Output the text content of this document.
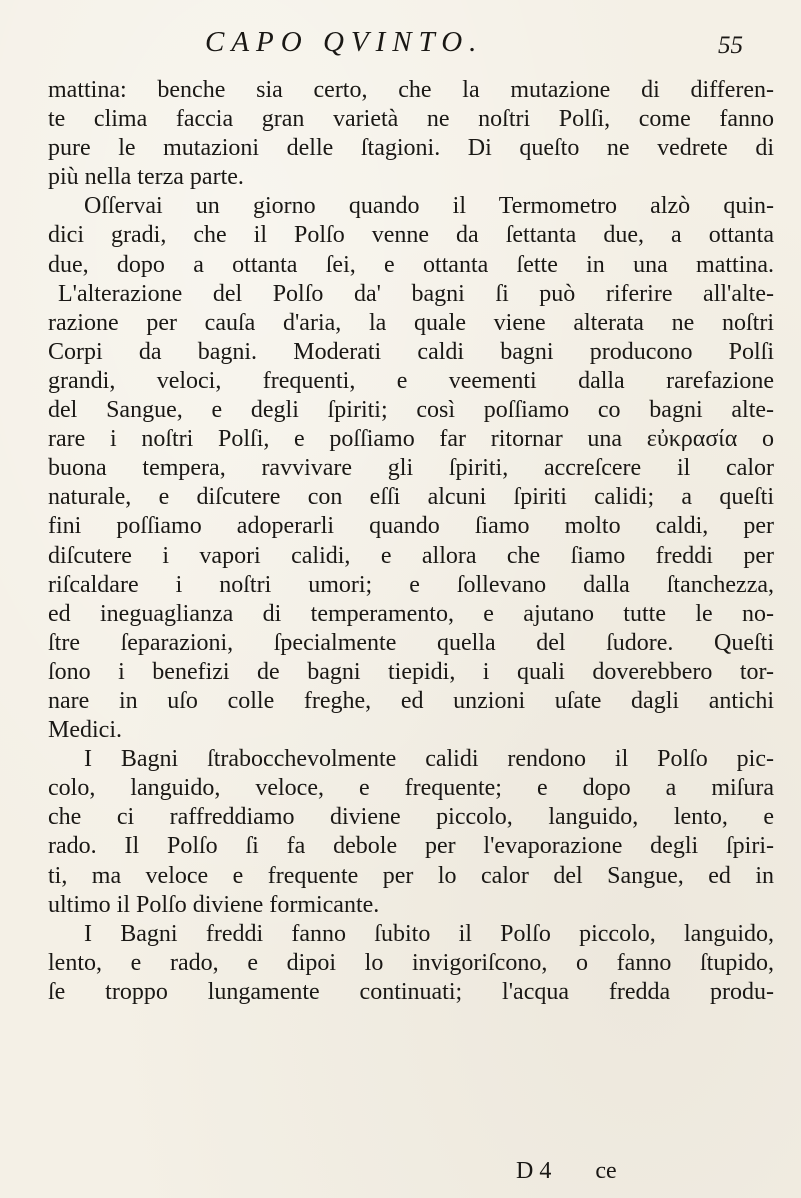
CAPO QVINTO.	55
mattina: benche sia certo, che la mutazione di differen-
te clima faccia gran varietà ne noſtri Polſi, come fanno
pure le mutazioni delle ſtagioni. Di queſto ne vedrete di
più nella terza parte.
Oſſervai un giorno quando il Termometro alzò quin-
dici gradi, che il Polſo venne da ſettanta due, a ottanta
due, dopo a ottanta ſei, e ottanta ſette in una mattina.
L'alterazione del Polſo da' bagni ſi può riferire all'alte-
razione per cauſa d'aria, la quale viene alterata ne noſtri
Corpi da bagni. Moderati caldi bagni producono Polſi
grandi, veloci, frequenti, e veementi dalla rarefazione
del Sangue, e degli ſpiriti; così poſſiamo co bagni alte-
rare i noſtri Polſi, e poſſiamo far ritornar una εὐκρασία o
buona tempera, ravvivare gli ſpiriti, accreſcere il calor
naturale, e diſcutere con eſſi alcuni ſpiriti calidi; a queſti
fini poſſiamo adoperarli quando ſiamo molto caldi, per
diſcutere i vapori calidi, e allora che ſiamo freddi per
riſcaldare i noſtri umori; e ſollevano dalla ſtanchezza,
ed ineguaglianza di temperamento, e ajutano tutte le no-
ſtre ſeparazioni, ſpecialmente quella del ſudore. Queſti
ſono i benefizi de bagni tiepidi, i quali doverebbero tor-
nare in uſo colle freghe, ed unzioni uſate dagli antichi
Medici.
I Bagni ſtrabocchevolmente calidi rendono il Polſo pic-
colo, languido, veloce, e frequente; e dopo a miſura
che ci raffreddiamo diviene piccolo, languido, lento, e
rado. Il Polſo ſi fa debole per l'evaporazione degli ſpiri-
ti, ma veloce e frequente per lo calor del Sangue, ed in
ultimo il Polſo diviene formicante.
I Bagni freddi fanno ſubito il Polſo piccolo, languido,
lento, e rado, e dipoi lo invigoriſcono, o fanno ſtupido,
ſe troppo lungamente continuati; l'acqua fredda produ-
D 4 ce
